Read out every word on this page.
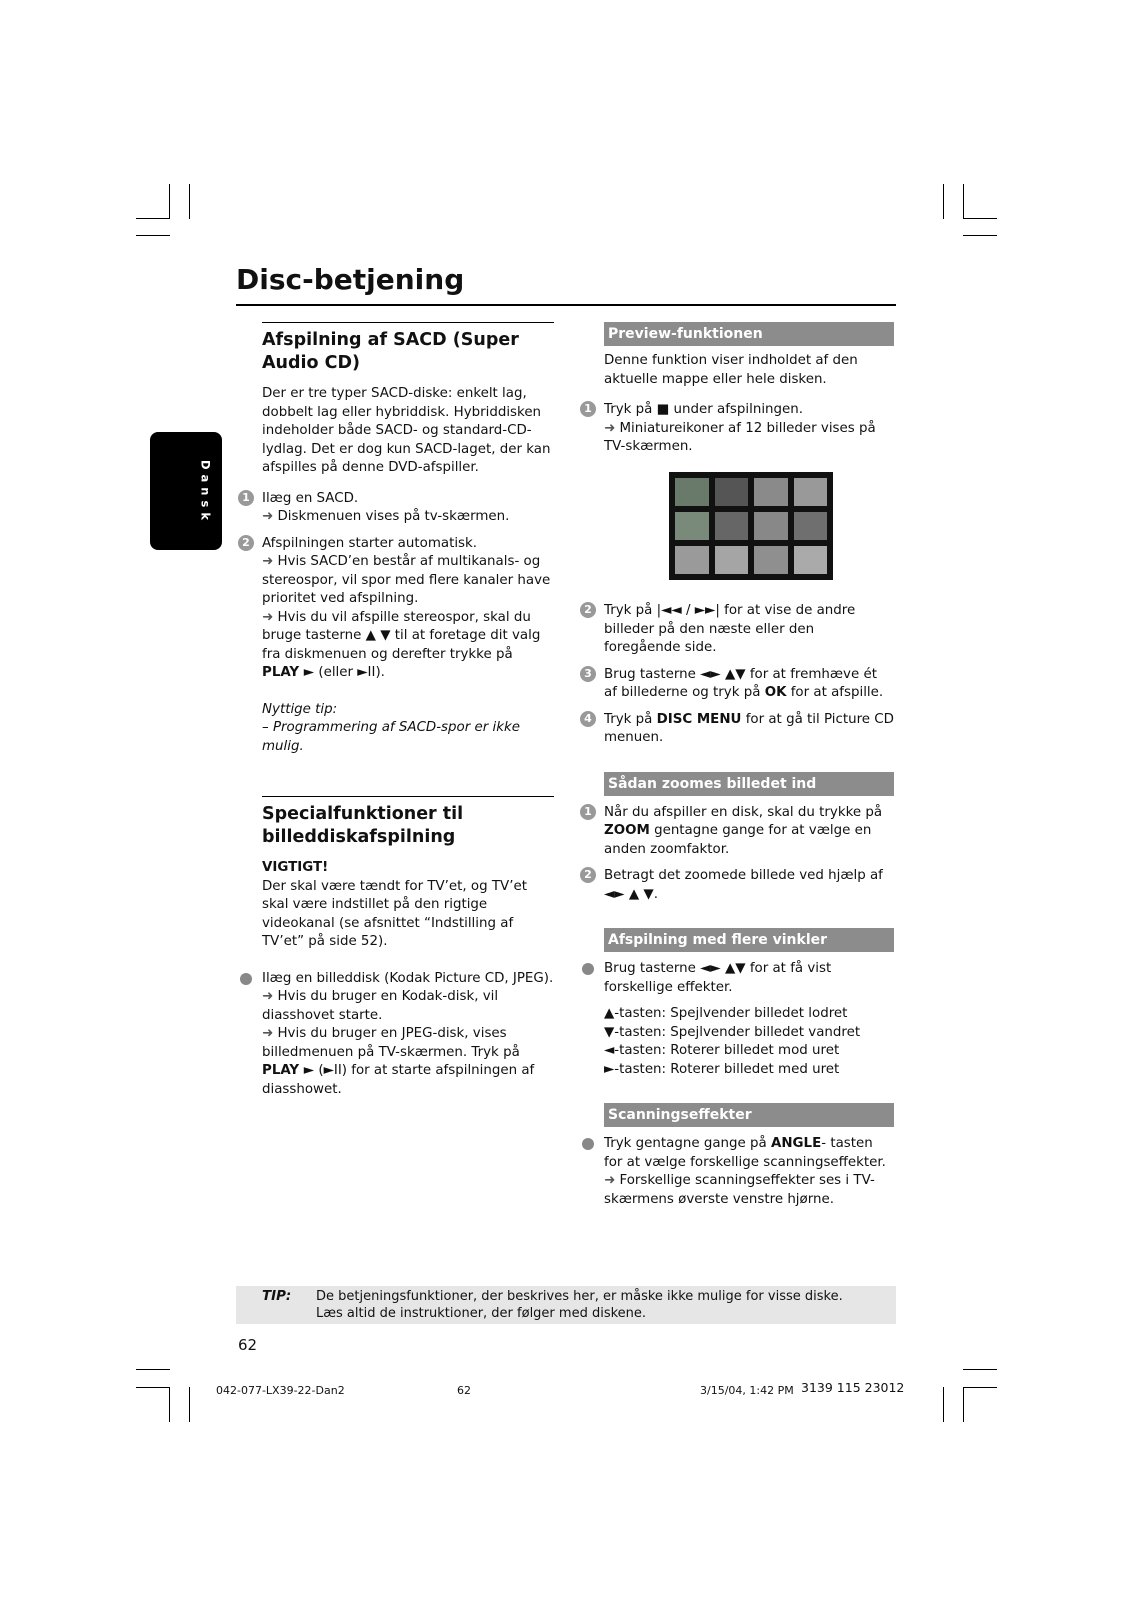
Disc-betjening
Dansk
Afspilning af SACD (Super Audio CD)

Der er tre typer SACD-diske: enkelt lag, dobbelt lag eller hybriddisk. Hybriddisken indeholder både SACD- og standard-CD-lydlag. Det er dog kun SACD-laget, der kan afspilles på denne DVD-afspiller.

1 Ilæg en SACD.

➜ Diskmenuen vises på tv-skærmen.

2 Afspilningen starter automatisk.

➜ Hvis SACD’en består af multikanals- og stereospor, vil spor med flere kanaler have prioritet ved afspilning.

➜ Hvis du vil afspille stereospor, skal du bruge tasterne ▲ ▼ til at foretage dit valg fra diskmenuen og derefter trykke på PLAY ► (eller ►II).

Nyttige tip:

– Programmering af SACD-spor er ikke mulig.

Specialfunktioner til billeddiskafspilning

VIGTIGT!

Der skal være tændt for TV’et, og TV’et skal være indstillet på den rigtige videokanal (se afsnittet “Indstilling af TV’et” på side 52).

Ilæg en billeddisk (Kodak Picture CD, JPEG).

➜ Hvis du bruger en Kodak-disk, vil diasshovet starte.

➜ Hvis du bruger en JPEG-disk, vises billedmenuen på TV-skærmen. Tryk på PLAY ► (►II) for at starte afspilningen af diasshowet.

Preview-funktionen

Denne funktion viser indholdet af den aktuelle mappe eller hele disken.

1 Tryk på ■ under afspilningen.

➜ Miniatureikoner af 12 billeder vises på TV-skærmen.

2 Tryk på |◄◄ / ►►| for at vise de andre billeder på den næste eller den foregående side.

3 Brug tasterne ◄► ▲▼ for at fremhæve ét af billederne og tryk på OK for at afspille.

4 Tryk på DISC MENU for at gå til Picture CD menuen.

Sådan zoomes billedet ind
1 Når du afspiller en disk, skal du trykke på ZOOM gentagne gange for at vælge en anden zoomfaktor.

2 Betragt det zoomede billede ved hjælp af ◄► ▲ ▼.

Afspilning med flere vinkler

Brug tasterne ◄► ▲▼ for at få vist forskellige effekter.

▲-tasten: Spejlvender billedet lodret

▼-tasten: Spejlvender billedet vandret

◄-tasten: Roterer billedet mod uret

►-tasten: Roterer billedet med uret

Scanningseffekter

Tryk gentagne gange på ANGLE- tasten for at vælge forskellige scanningseffekter.

➜ Forskellige scanningseffekter ses i TV-skærmens øverste venstre hjørne.

TIP: De betjeningsfunktioner, der beskrives her, er måske ikke mulige for visse diske.
Læs altid de instruktioner, der følger med diskene.
62
042-077-LX39-22-Dan2	62	3/15/04, 1:42 PM 3139 115 23012
